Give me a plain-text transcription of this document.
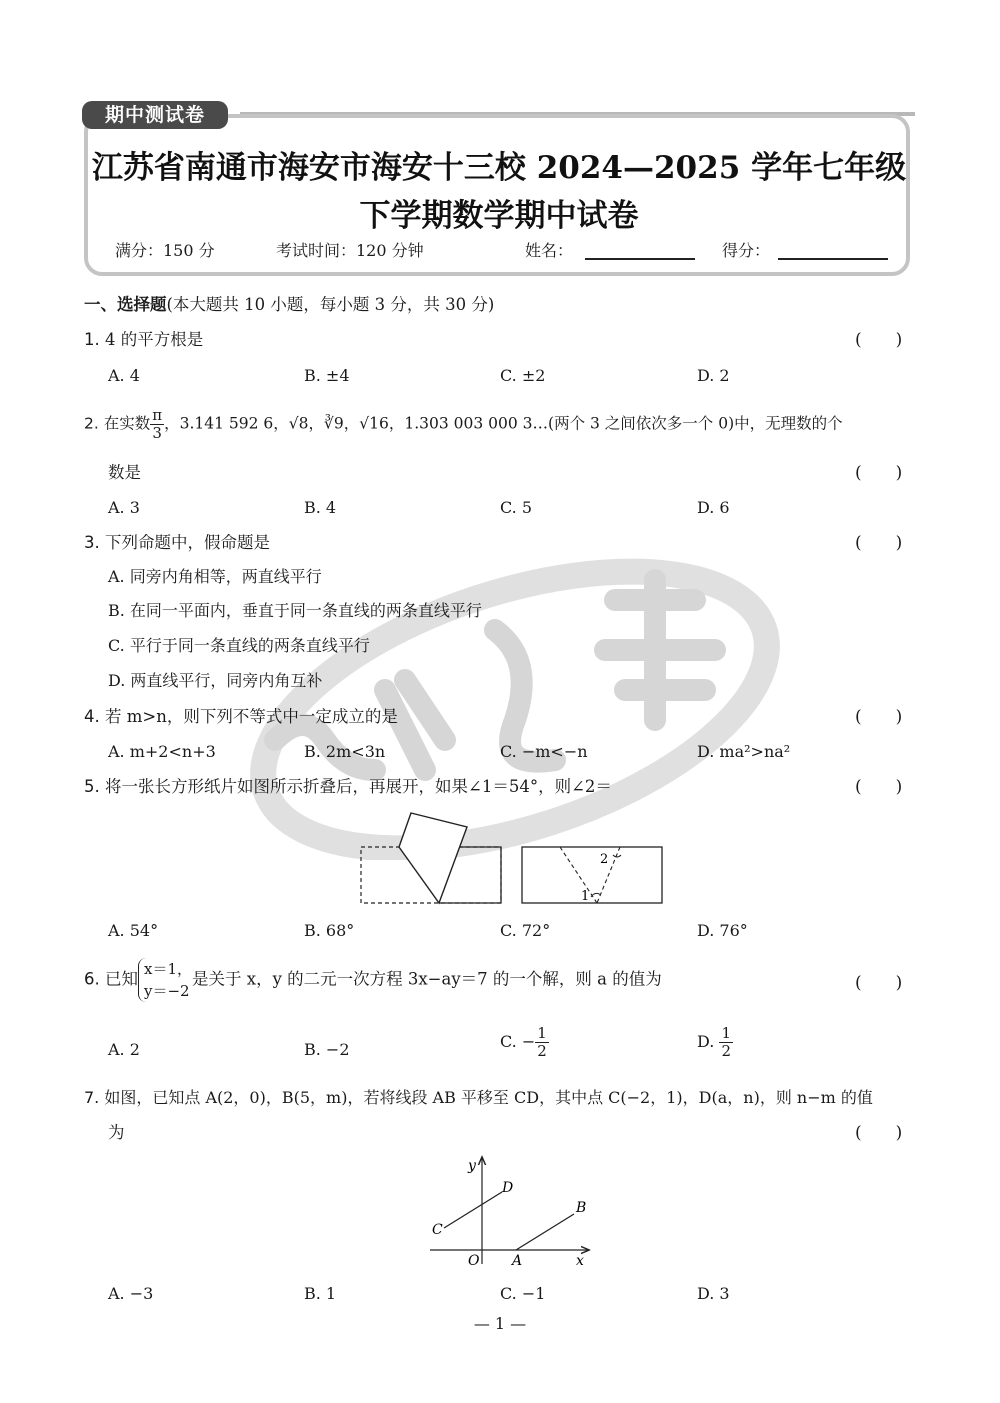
期中测试卷
江苏省南通市海安市海安十三校 2024—2025 学年七年级
下学期数学期中试卷
满分：150 分	考试时间：120 分钟	姓名：	得分：
一、选择题(本大题共 10 小题，每小题 3 分，共 30 分)
1. 4 的平方根是	(　　)
A. 4	B. ±4	C. ±2	D. 2
2. 在实数 $\frac{\pi}{3}$ ，3.141 592 6，√8，∛9，√16，1.303 003 000 3…(两个 3 之间依次多一个 0)中，无理数的个
数是	(　　)
A. 3	B. 4	C. 5	D. 6
3. 下列命题中，假命题是	(　　)
A. 同旁内角相等，两直线平行
B. 在同一平面内，垂直于同一条直线的两条直线平行
C. 平行于同一条直线的两条直线平行
D. 两直线平行，同旁内角互补
4. 若 m>n，则下列不等式中一定成立的是	(　　)
A. m+2<n+3	B. 2m<3n	C. −m<−n	D. ma²>na²
5. 将一张长方形纸片如图所示折叠后，再展开，如果∠1＝54°，则∠2＝	(　　)
1
2
A. 54°	B. 68°	C. 72°	D. 76°
6. 已知
x＝1，
y＝−2
是关于 x，y 的二元一次方程 3x−ay＝7 的一个解，则 a 的值为	(　　)
A. 2	B. −2	C. − $\frac{1}{2}$	D. $\frac{1}{2}$
7. 如图，已知点 A(2，0)，B(5，m)，若将线段 AB 平移至 CD，其中点 C(−2，1)，D(a，n)，则 n−m 的值
为	(　　)
y
x
O A
B
C
D
A. −3	B. 1	C. −1	D. 3
— 1 —
